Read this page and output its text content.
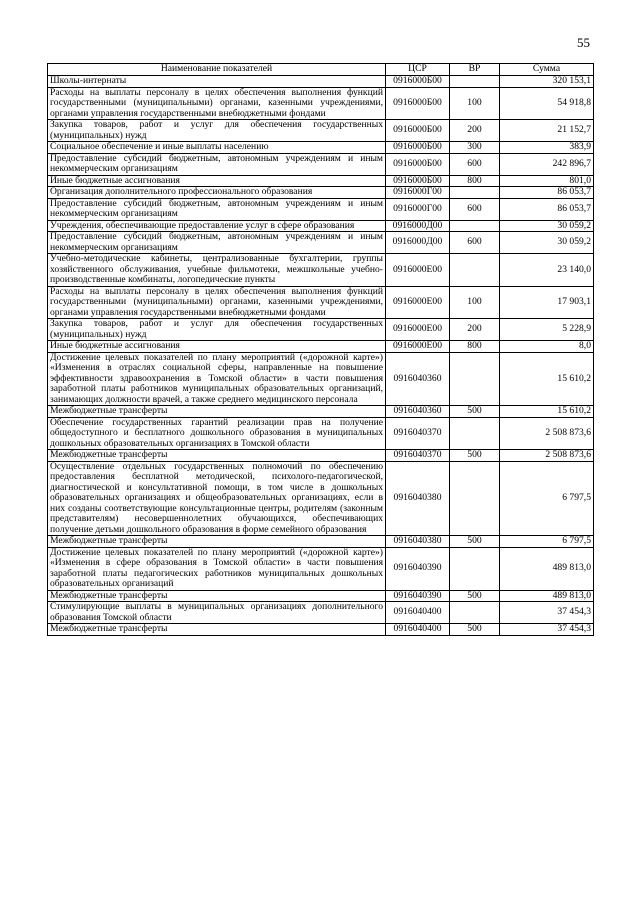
55
Наименование показателей	ЦСР	ВР	Сумма
Школы-интернаты	0916000Б00		320 153,1
Расходы на выплаты персоналу в целях обеспечения выполнения функций государственными (муниципальными) органами, казенными учреждениями, органами управления государственными внебюджетными фондами	0916000Б00	100	54 918,8
Закупка товаров, работ и услуг для обеспечения государственных (муниципальных) нужд	0916000Б00	200	21 152,7
Социальное обеспечение и иные выплаты населению	0916000Б00	300	383,9
Предоставление субсидий бюджетным, автономным учреждениям и иным некоммерческим организациям	0916000Б00	600	242 896,7
Иные бюджетные ассигнования	0916000Б00	800	801,0
Организация дополнительного профессионального образования	0916000Г00		86 053,7
Предоставление субсидий бюджетным, автономным учреждениям и иным некоммерческим организациям	0916000Г00	600	86 053,7
Учреждения, обеспечивающие предоставление услуг в сфере образования	0916000Д00		30 059,2
Предоставление субсидий бюджетным, автономным учреждениям и иным некоммерческим организациям	0916000Д00	600	30 059,2
Учебно-методические кабинеты, централизованные бухгалтерии, группы хозяйственного обслуживания, учебные фильмотеки, межшкольные учебно-производственные комбинаты, логопедические пункты	0916000Е00		23 140,0
Расходы на выплаты персоналу в целях обеспечения выполнения функций государственными (муниципальными) органами, казенными учреждениями, органами управления государственными внебюджетными фондами	0916000Е00	100	17 903,1
Закупка товаров, работ и услуг для обеспечения государственных (муниципальных) нужд	0916000Е00	200	5 228,9
Иные бюджетные ассигнования	0916000Е00	800	8,0
Достижение целевых показателей по плану мероприятий («дорожной карте») «Изменения в отраслях социальной сферы, направленные на повышение эффективности здравоохранения в Томской области» в части повышения заработной платы работников муниципальных образовательных организаций, занимающих должности врачей, а также среднего медицинского персонала	0916040360		15 610,2
Межбюджетные трансферты	0916040360	500	15 610,2
Обеспечение государственных гарантий реализации прав на получение общедоступного и бесплатного дошкольного образования в муниципальных дошкольных образовательных организациях в Томской области	0916040370		2 508 873,6
Межбюджетные трансферты	0916040370	500	2 508 873,6
Осуществление отдельных государственных полномочий по обеспечению предоставления бесплатной методической, психолого-педагогической, диагностической и консультативной помощи, в том числе в дошкольных образовательных организациях и общеобразовательных организациях, если в них созданы соответствующие консультационные центры, родителям (законным представителям) несовершеннолетних обучающихся, обеспечивающих получение детьми дошкольного образования в форме семейного образования	0916040380		6 797,5
Межбюджетные трансферты	0916040380	500	6 797,5
Достижение целевых показателей по плану мероприятий («дорожной карте») «Изменения в сфере образования в Томской области» в части повышения заработной платы педагогических работников муниципальных дошкольных образовательных организаций	0916040390		489 813,0
Межбюджетные трансферты	0916040390	500	489 813,0
Стимулирующие выплаты в муниципальных организациях дополнительного образования Томской области	0916040400		37 454,3
Межбюджетные трансферты	0916040400	500	37 454,3
